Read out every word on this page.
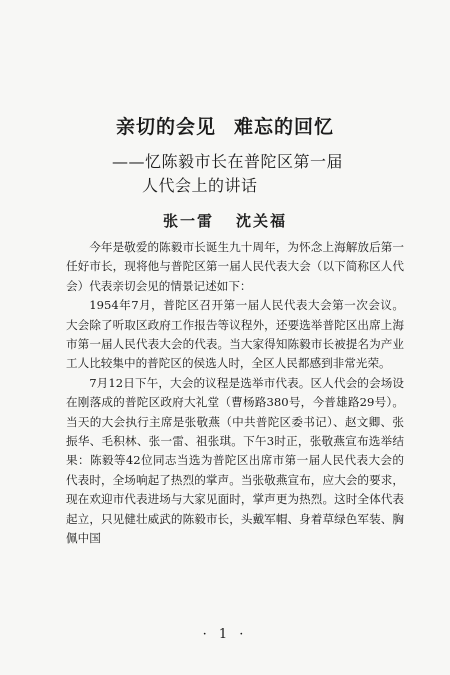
亲切的会见 难忘的回忆
——忆陈毅市长在普陀区第一届
人代会上的讲话
张一雷 沈关福

今年是敬爱的陈毅市长诞生九十周年，为怀念上海解放后第一任好市长，现将他与普陀区第一届人民代表大会（以下简称区人代会）代表亲切会见的情景记述如下：

1954年7月，普陀区召开第一届人民代表大会第一次会议。大会除了听取区政府工作报告等议程外，还要选举普陀区出席上海市第一届人民代表大会的代表。当大家得知陈毅市长被提名为产业工人比较集中的普陀区的侯选人时，全区人民都感到非常光荣。

7月12日下午，大会的议程是选举市代表。区人代会的会场设在刚落成的普陀区政府大礼堂（曹杨路380号，今普雄路29号）。当天的大会执行主席是张敬燕（中共普陀区委书记）、赵文卿、张振华、毛积林、张一雷、祖张琪。下午3时正，张敬燕宣布选举结果：陈毅等42位同志当选为普陀区出席市第一届人民代表大会的代表时，全场响起了热烈的掌声。当张敬燕宣布，应大会的要求，现在欢迎市代表进场与大家见面时，掌声更为热烈。这时全体代表起立，只见健壮威武的陈毅市长，头戴军帽、身着草绿色军装、胸佩中国

· 1 ·
